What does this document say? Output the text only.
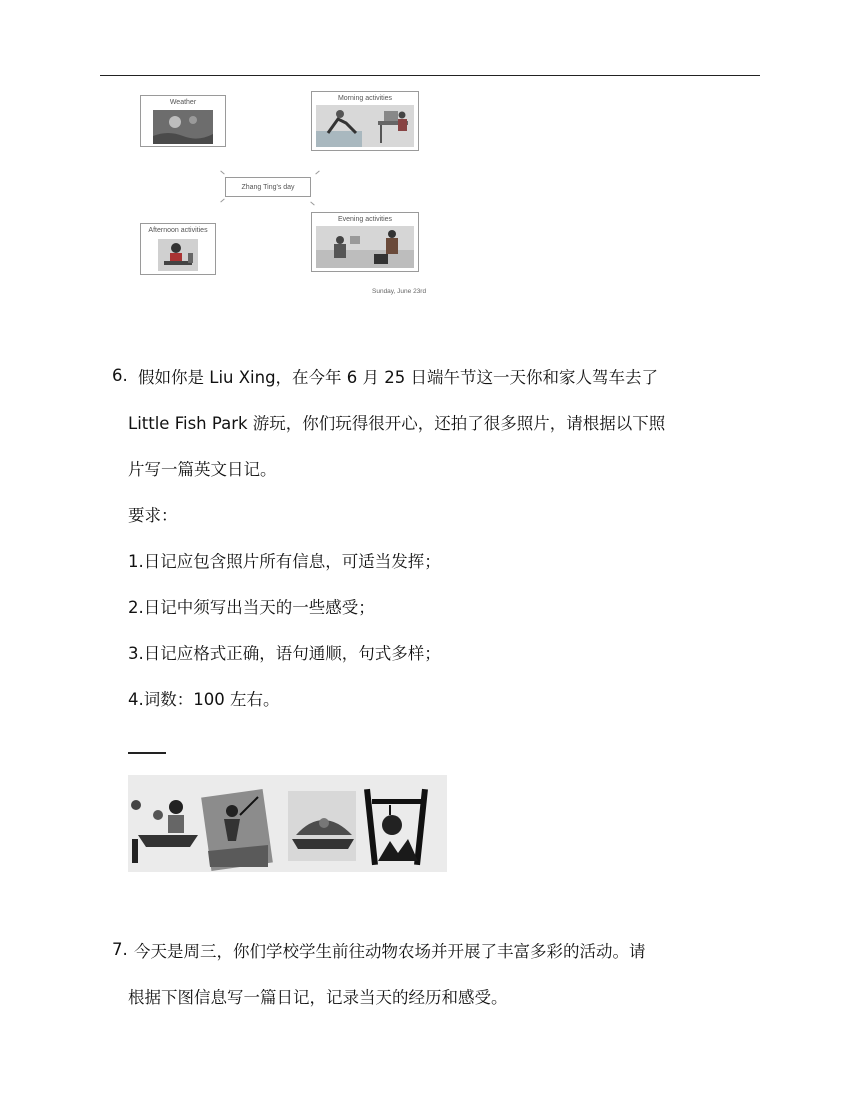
Weather
Morning activities
Zhang Ting's day
Afternoon activities
Evening activities
Sunday, June 23rd
6. 假如你是 Liu Xing，在今年 6 月 25 日端午节这一天你和家人驾车去了
Little Fish Park 游玩，你们玩得很开心，还拍了很多照片，请根据以下照
片写一篇英文日记。
要求：
1.日记应包含照片所有信息，可适当发挥；
2.日记中须写出当天的一些感受；
3.日记应格式正确，语句通顺，句式多样；
4.词数：100 左右。
7. 今天是周三，你们学校学生前往动物农场并开展了丰富多彩的活动。请
根据下图信息写一篇日记，记录当天的经历和感受。
